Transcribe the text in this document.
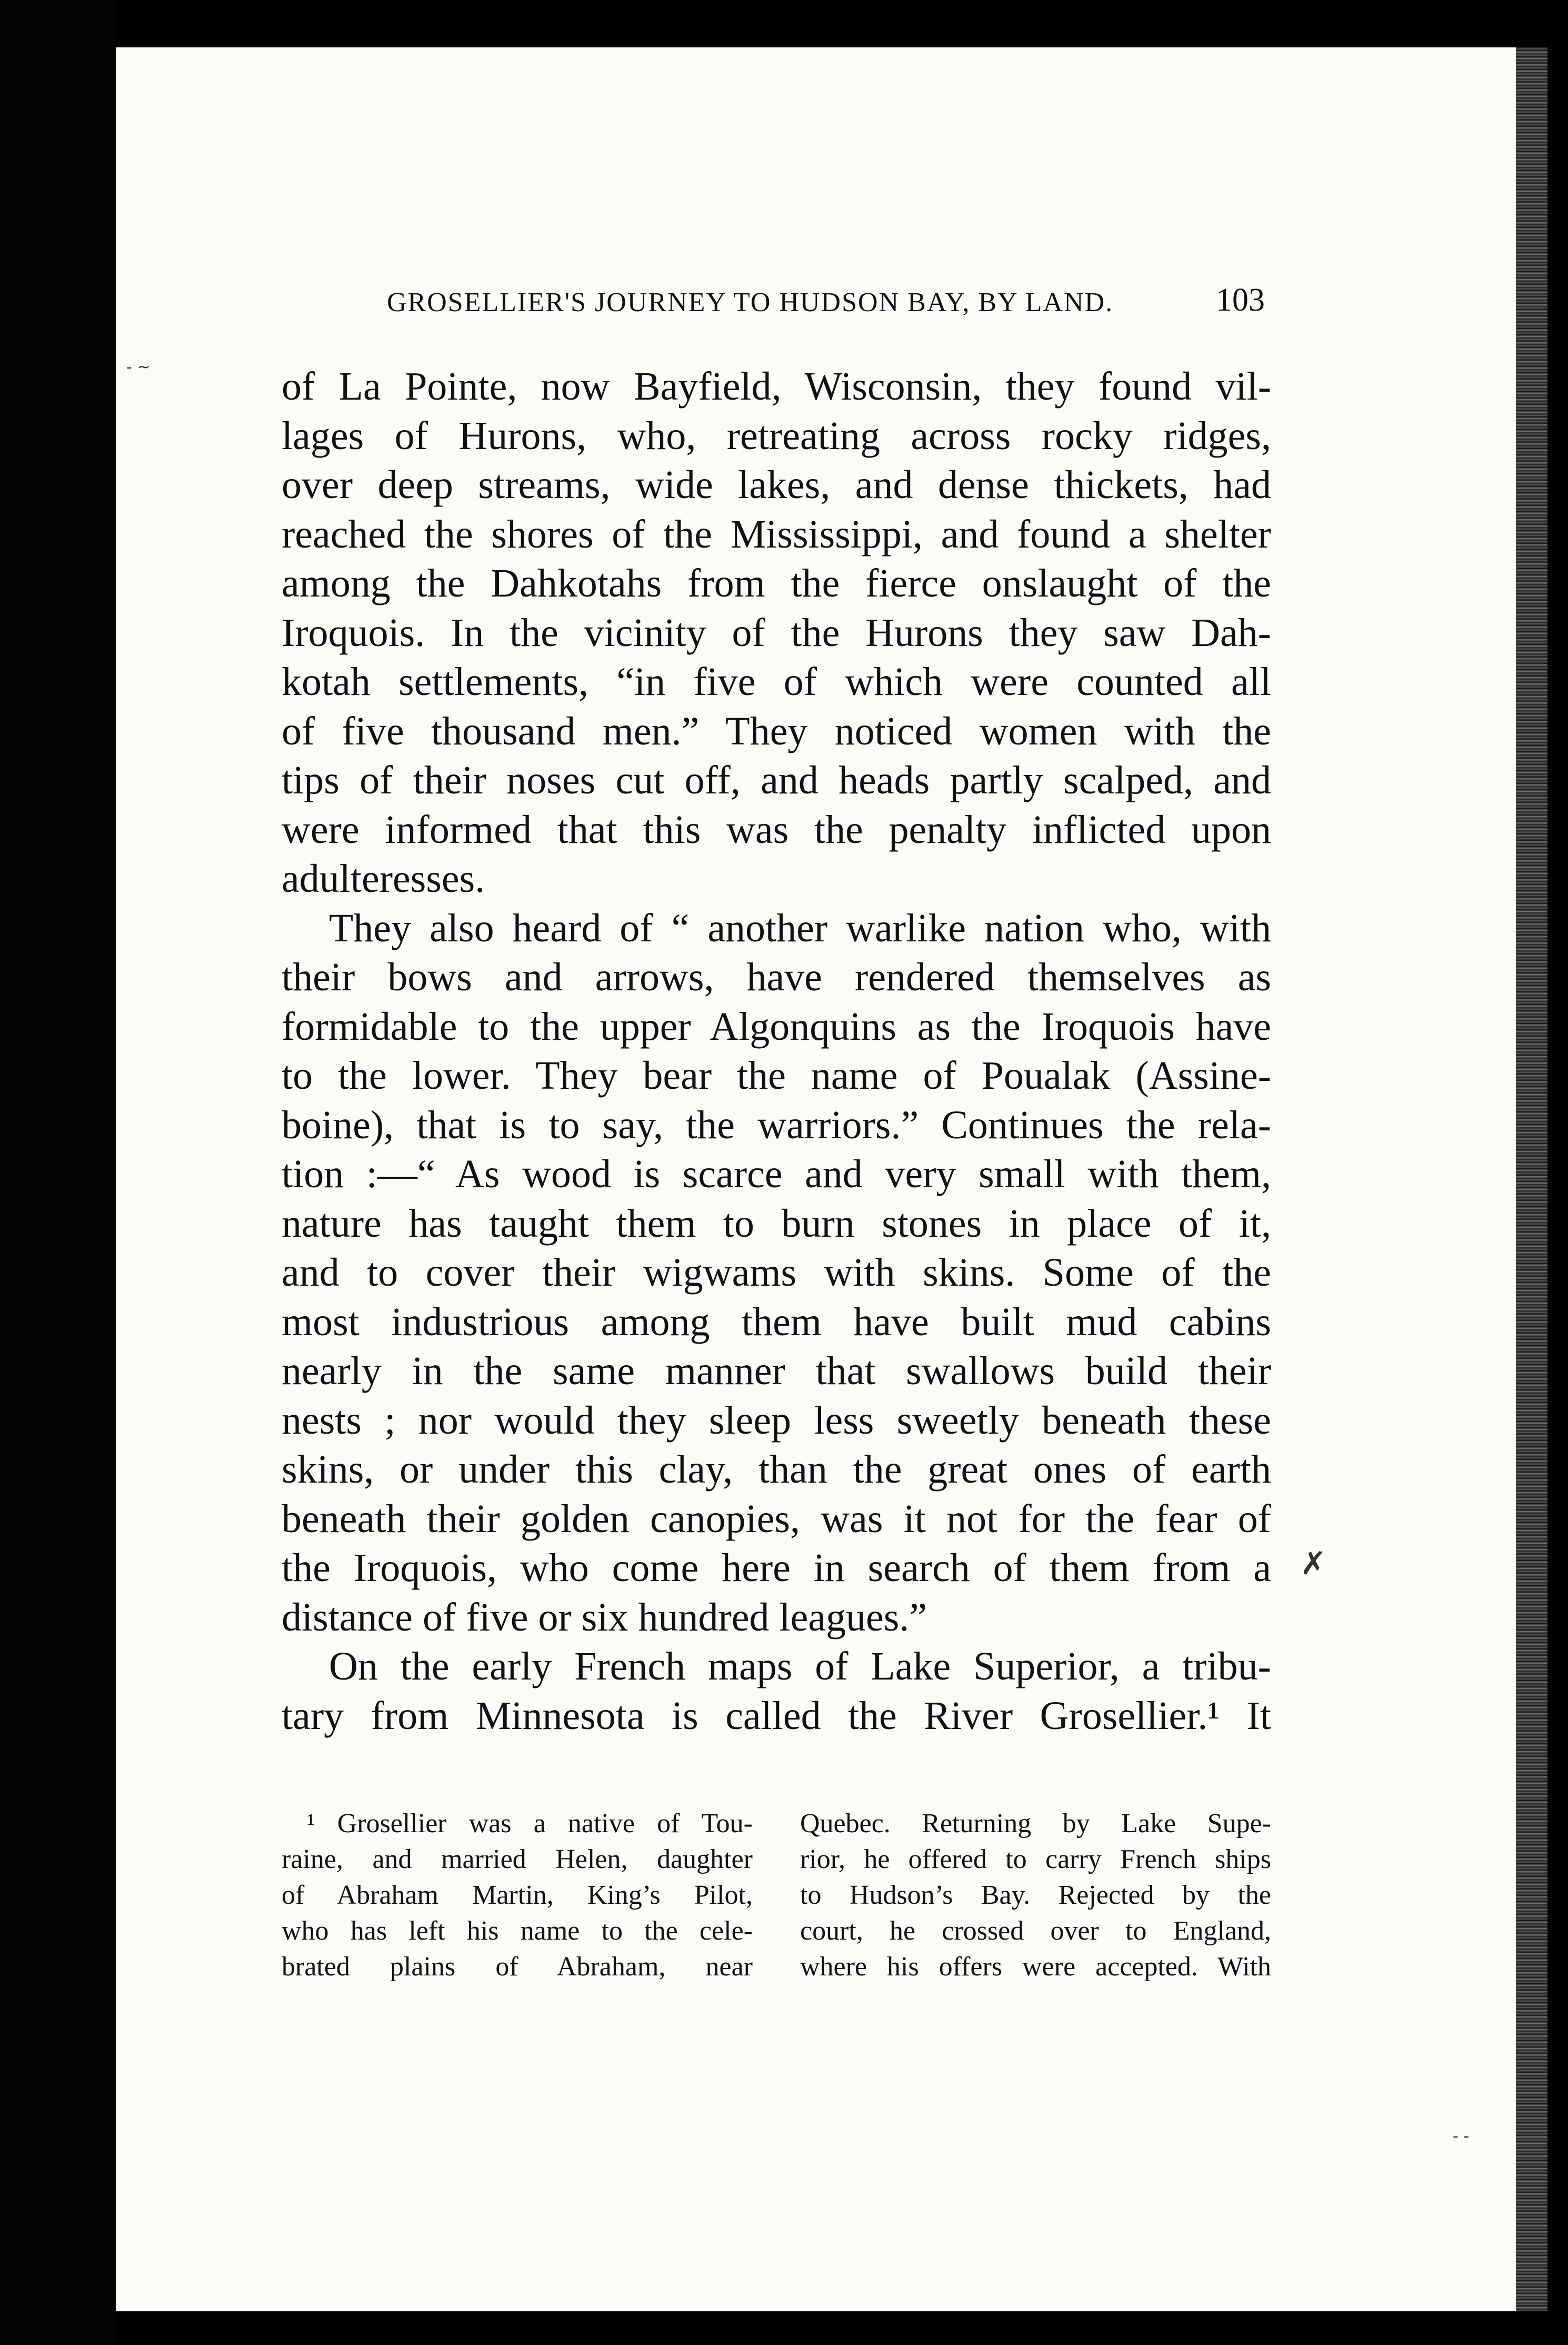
GROSELLIER'S JOURNEY TO HUDSON BAY, BY LAND.	103
of La Pointe, now Bayfield, Wisconsin, they found vil-
lages of Hurons, who, retreating across rocky ridges,
over deep streams, wide lakes, and dense thickets, had
reached the shores of the Mississippi, and found a shelter
among the Dahkotahs from the fierce onslaught of the
Iroquois. In the vicinity of the Hurons they saw Dah-
kotah settlements, “in five of which were counted all
of five thousand men.” They noticed women with the
tips of their noses cut off, and heads partly scalped, and
were informed that this was the penalty inflicted upon
adulteresses.
They also heard of “ another warlike nation who, with
their bows and arrows, have rendered themselves as
formidable to the upper Algonquins as the Iroquois have
to the lower. They bear the name of Poualak (Assine-
boine), that is to say, the warriors.” Continues the rela-
tion :—“ As wood is scarce and very small with them,
nature has taught them to burn stones in place of it,
and to cover their wigwams with skins. Some of the
most industrious among them have built mud cabins
nearly in the same manner that swallows build their
nests ; nor would they sleep less sweetly beneath these
skins, or under this clay, than the great ones of earth
beneath their golden canopies, was it not for the fear of
the Iroquois, who come here in search of them from a
distance of five or six hundred leagues.”
On the early French maps of Lake Superior, a tribu-
tary from Minnesota is called the River Grosellier.¹ It
¹ Grosellier was a native of Tou-
raine, and married Helen, daughter
of Abraham Martin, King’s Pilot,
who has left his name to the cele-
brated plains of Abraham, near
Quebec. Returning by Lake Supe-
rior, he offered to carry French ships
to Hudson’s Bay. Rejected by the
court, he crossed over to England,
where his offers were accepted. With
✗
- ~
- -
